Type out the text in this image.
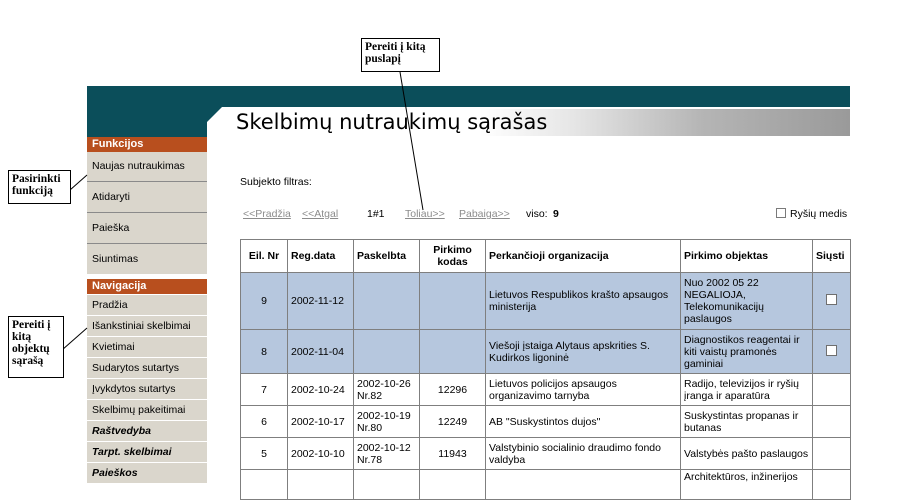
Skelbimų nutraukimų sąrašas
Funkcijos
Naujas nutraukimas
Atidaryti
Paieška
Siuntimas
Navigacija
Pradžia
Išankstiniai skelbimai
Kvietimai
Sudarytos sutartys
Įvykdytos sutartys
Skelbimų pakeitimai
Raštvedyba
Tarpt. skelbimai
Paieškos
Pereiti į kitą puslapį
Pasirinkti funkciją
Pereiti į kitą objektų sąrašą
Subjekto filtras:
<<Pradžia <<Atgal	1#1 Toliau>> Pabaiga>> viso: 9	Ryšių medis
Eil. Nr	Reg.data	Paskelbta	Pirkimo kodas	Perkančioji organizacija	Pirkimo objektas	Siųsti
9	2002-11-12			Lietuvos Respublikos krašto apsaugos ministerija	Nuo 2002 05 22 NEGALIOJA, Telekomunikacijų paslaugos	
8	2002-11-04			Viešoji įstaiga Alytaus apskrities S. Kudirkos ligoninė	Diagnostikos reagentai ir kiti vaistų pramonės gaminiai	
7	2002-10-24	2002-10-26 Nr.82	12296	Lietuvos policijos apsaugos organizavimo tarnyba	Radijo, televizijos ir ryšių įranga ir aparatūra	
6	2002-10-17	2002-10-19 Nr.80	12249	AB "Suskystintos dujos"	Suskystintas propanas ir butanas	
5	2002-10-10	2002-10-12 Nr.78	11943	Valstybinio socialinio draudimo fondo valdyba	Valstybės pašto paslaugos	
					Architektūros, inžinerijos	
